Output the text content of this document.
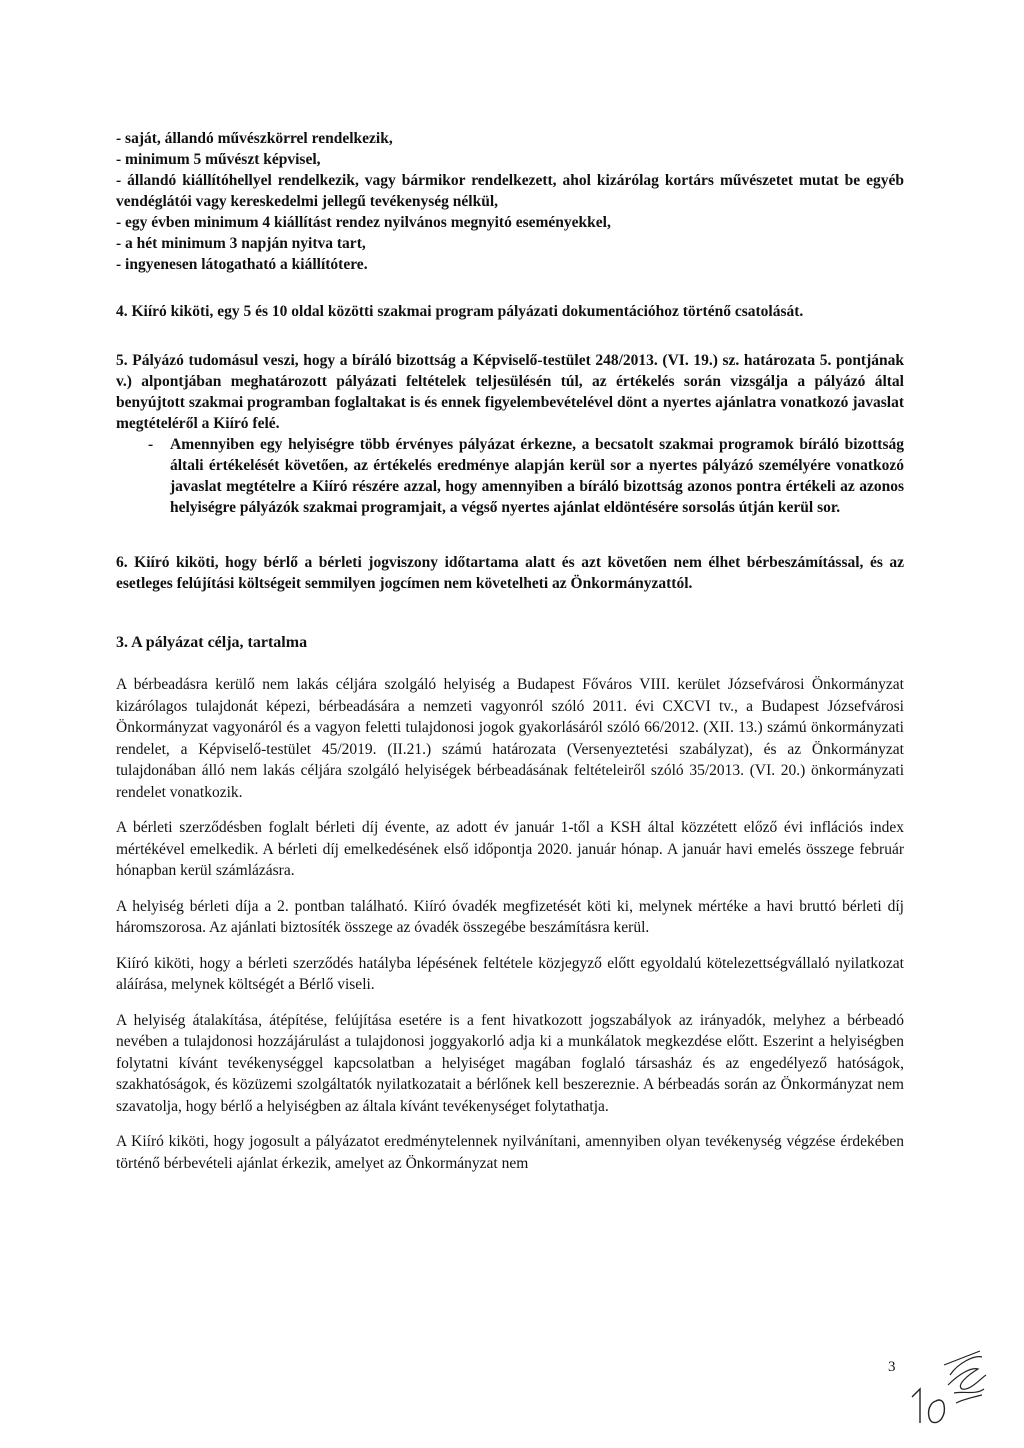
- saját, állandó művészkörrel rendelkezik,

- minimum 5 művészt képvisel,

- állandó kiállítóhellyel rendelkezik, vagy bármikor rendelkezett, ahol kizárólag kortárs művészetet mutat be egyéb vendéglátói vagy kereskedelmi jellegű tevékenység nélkül,

- egy évben minimum 4 kiállítást rendez nyilvános megnyitó eseményekkel,

- a hét minimum 3 napján nyitva tart,

- ingyenesen látogatható a kiállítótere.

4. Kiíró kiköti, egy 5 és 10 oldal közötti szakmai program pályázati dokumentációhoz történő csatolását.

5. Pályázó tudomásul veszi, hogy a bíráló bizottság a Képviselő-testület 248/2013. (VI. 19.) sz. határozata 5. pontjának v.) alpontjában meghatározott pályázati feltételek teljesülésén túl, az értékelés során vizsgálja a pályázó által benyújtott szakmai programban foglaltakat is és ennek figyelembevételével dönt a nyertes ajánlatra vonatkozó javaslat megtételéről a Kiíró felé.

-	Amennyiben egy helyiségre több érvényes pályázat érkezne, a becsatolt szakmai programok bíráló bizottság általi értékelését követően, az értékelés eredménye alapján kerül sor a nyertes pályázó személyére vonatkozó javaslat megtételre a Kiíró részére azzal, hogy amennyiben a bíráló bizottság azonos pontra értékeli az azonos helyiségre pályázók szakmai programjait, a végső nyertes ajánlat eldöntésére sorsolás útján kerül sor.

6. Kiíró kiköti, hogy bérlő a bérleti jogviszony időtartama alatt és azt követően nem élhet bérbeszámítással, és az esetleges felújítási költségeit semmilyen jogcímen nem követelheti az Önkormányzattól.

3. A pályázat célja, tartalma

A bérbeadásra kerülő nem lakás céljára szolgáló helyiség a Budapest Főváros VIII. kerület Józsefvárosi Önkormányzat kizárólagos tulajdonát képezi, bérbeadására a nemzeti vagyonról szóló 2011. évi CXCVI tv., a Budapest Józsefvárosi Önkormányzat vagyonáról és a vagyon feletti tulajdonosi jogok gyakorlásáról szóló 66/2012. (XII. 13.) számú önkormányzati rendelet, a Képviselő-testület 45/2019. (II.21.) számú határozata (Versenyeztetési szabályzat), és az Önkormányzat tulajdonában álló nem lakás céljára szolgáló helyiségek bérbeadásának feltételeiről szóló 35/2013. (VI. 20.) önkormányzati rendelet vonatkozik.

A bérleti szerződésben foglalt bérleti díj évente, az adott év január 1-től a KSH által közzétett előző évi inflációs index mértékével emelkedik. A bérleti díj emelkedésének első időpontja 2020. január hónap. A január havi emelés összege február hónapban kerül számlázásra.

A helyiség bérleti díja a 2. pontban található. Kiíró óvadék megfizetését köti ki, melynek mértéke a havi bruttó bérleti díj háromszorosa. Az ajánlati biztosíték összege az óvadék összegébe beszámításra kerül.

Kiíró kiköti, hogy a bérleti szerződés hatályba lépésének feltétele közjegyző előtt egyoldalú kötelezettségvállaló nyilatkozat aláírása, melynek költségét a Bérlő viseli.

A helyiség átalakítása, átépítése, felújítása esetére is a fent hivatkozott jogszabályok az irányadók, melyhez a bérbeadó nevében a tulajdonosi hozzájárulást a tulajdonosi joggyakorló adja ki a munkálatok megkezdése előtt. Eszerint a helyiségben folytatni kívánt tevékenységgel kapcsolatban a helyiséget magában foglaló társasház és az engedélyező hatóságok, szakhatóságok, és közüzemi szolgáltatók nyilatkozatait a bérlőnek kell beszereznie. A bérbeadás során az Önkormányzat nem szavatolja, hogy bérlő a helyiségben az általa kívánt tevékenységet folytathatja.

A Kiíró kiköti, hogy jogosult a pályázatot eredménytelennek nyilvánítani, amennyiben olyan tevékenység végzése érdekében történő bérbevételi ajánlat érkezik, amelyet az Önkormányzat nem

3
